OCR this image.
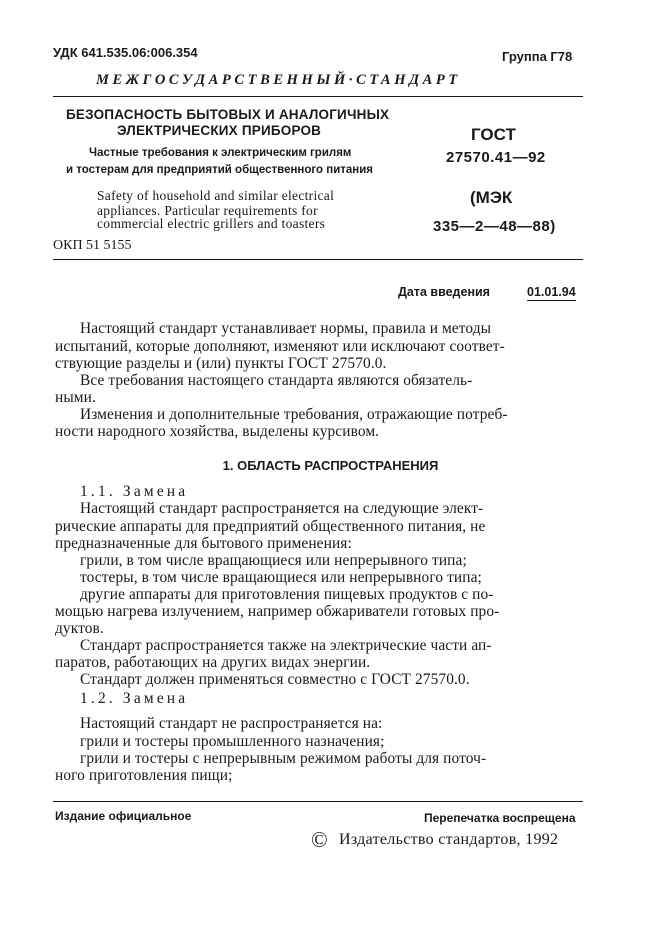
УДК 641.535.06:006.354	Группа Г78
МЕЖГОСУДАРСТВЕННЫЙ·СТАНДАРТ
БЕЗОПАСНОСТЬ БЫТОВЫХ И АНАЛОГИЧНЫХ
ЭЛЕКТРИЧЕСКИХ ПРИБОРОВ
Частные требования к электрическим грилям
и тостерам для предприятий общественного питания
Safety of household and similar electrical
appliances. Particular requirements for
commercial electric grillers and toasters
ГОСТ
27570.41—92
(МЭК
335—2—48—88)
ОКП 51 5155
Дата введения	01.01.94
Настоящий стандарт устанавливает нормы, правила и методы
испытаний, которые дополняют, изменяют или исключают соответ-
ствующие разделы и (или) пункты ГОСТ 27570.0.
Все требования настоящего стандарта являются обязатель-
ными.
Изменения и дополнительные требования, отражающие потреб-
ности народного хозяйства, выделены курсивом.
1. ОБЛАСТЬ РАСПРОСТРАНЕНИЯ
1.1. Замена
Настоящий стандарт распространяется на следующие элект-
рические аппараты для предприятий общественного питания, не
предназначенные для бытового применения:
грили, в том числе вращающиеся или непрерывного типа;
тостеры, в том числе вращающиеся или непрерывного типа;
другие аппараты для приготовления пищевых продуктов с по-
мощью нагрева излучением, например обжариватели готовых про-
дуктов.
Стандарт распространяется также на электрические части ап-
паратов, работающих на других видах энергии.
Стандарт должен применяться совместно с ГОСТ 27570.0.
1.2. Замена
Настоящий стандарт не распространяется на:
грили и тостеры промышленного назначения;
грили и тостеры с непрерывным режимом работы для поточ-
ного приготовления пищи;
Издание официальное	Перепечатка воспрещена
© Издательство стандартов, 1992
